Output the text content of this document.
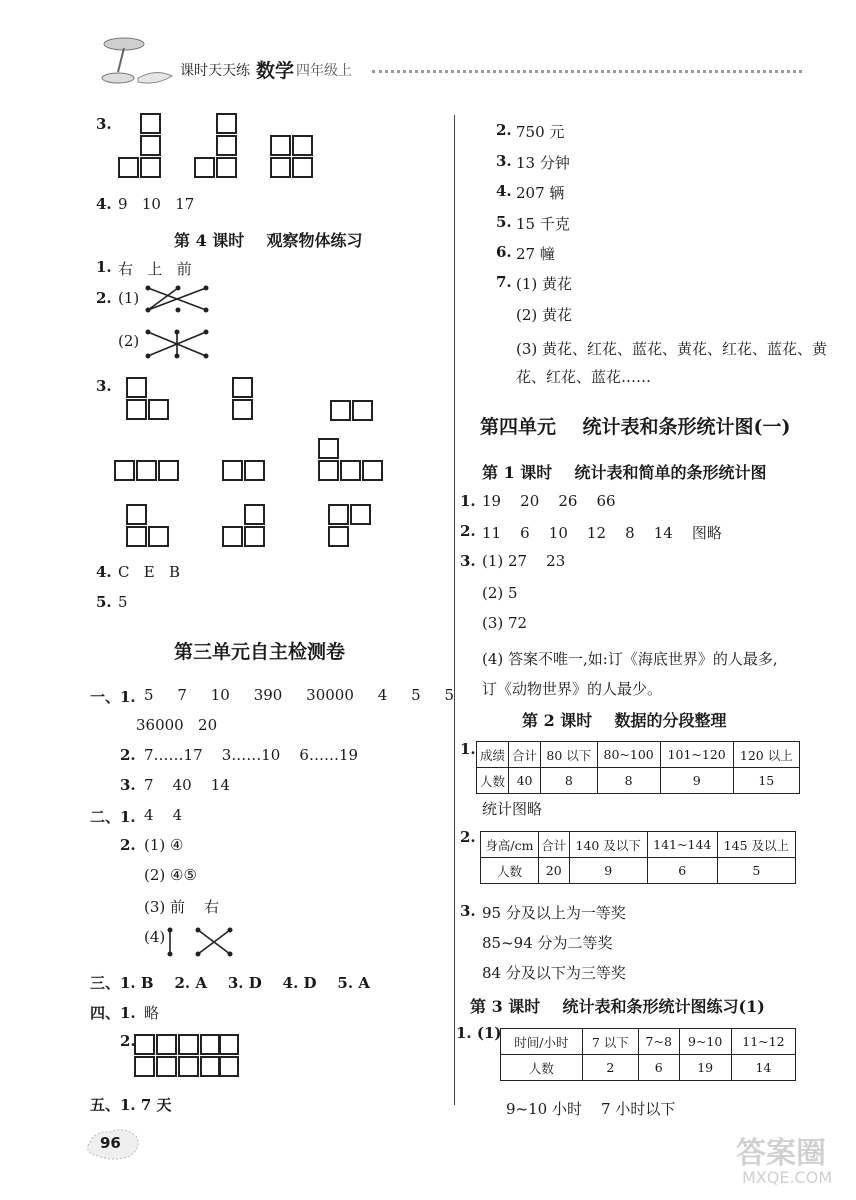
课时天天练 数学 四年级上
3.
4. 9   10   17
第 4 课时    观察物体练习
1. 右   上   前
2. (1)
(2)
3.
4. C   E   B
5. 5
第三单元自主检测卷
一、1. 5     7     10     390     30000     4     5     5
36000   20
2. 7……17    3……10    6……19
3. 7    40    14
二、1. 4    4
2. (1) ④
(2) ④⑤
(3) 前    右
(4)
三、1. B    2. A    3. D    4. D    5. A
四、1. 略
2.
五、1. 7 天
2. 750 元
3. 13 分钟
4. 207 辆
5. 15 千克
6. 27 幢
7. (1) 黄花
(2) 黄花
(3) 黄花、红花、蓝花、黄花、红花、蓝花、黄
花、红花、蓝花……
第四单元    统计表和条形统计图(一)
第 1 课时    统计表和简单的条形统计图
1. 19    20    26    66
2. 11    6    10    12    8    14    图略
3. (1) 27    23
(2) 5
(3) 72
(4) 答案不唯一,如:订《海底世界》的人最多,
订《动物世界》的人最少。
第 2 课时    数据的分段整理
1. 成绩	合计	80 以下	80~100	101~120	120 以上
人数	40	8	8	9	15
统计图略
2. 身高/cm	合计	140 及以下	141~144	145 及以上
人数	20	9	6	5
3. 95 分及以上为一等奖
85~94 分为二等奖
84 分及以下为三等奖
第 3 课时    统计表和条形统计图练习(1)
1. (1) 时间/小时	7 以下	7~8	9~10	11~12
人数	2	6	19	14
9~10 小时    7 小时以下
96	答案圈
MXQE.COM
